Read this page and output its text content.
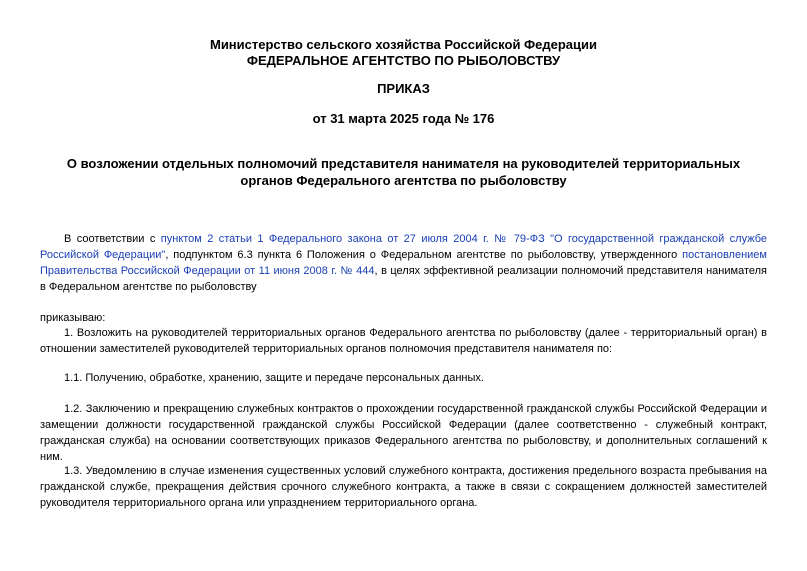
Министерство сельского хозяйства Российской Федерации
ФЕДЕРАЛЬНОЕ АГЕНТСТВО ПО РЫБОЛОВСТВУ
ПРИКАЗ
от 31 марта 2025 года № 176
О возложении отдельных полномочий представителя нанимателя на руководителей территориальных органов Федерального агентства по рыболовству
В соответствии с пунктом 2 статьи 1 Федерального закона от 27 июля 2004 г. № 79-ФЗ "О государственной гражданской службе Российской Федерации", подпунктом 6.3 пункта 6 Положения о Федеральном агентстве по рыболовству, утвержденного постановлением Правительства Российской Федерации от 11 июня 2008 г. № 444, в целях эффективной реализации полномочий представителя нанимателя в Федеральном агентстве по рыболовству
приказываю:
1. Возложить на руководителей территориальных органов Федерального агентства по рыболовству (далее - территориальный орган) в отношении заместителей руководителей территориальных органов полномочия представителя нанимателя по:
1.1. Получению, обработке, хранению, защите и передаче персональных данных.
1.2. Заключению и прекращению служебных контрактов о прохождении государственной гражданской службы Российской Федерации и замещении должности государственной гражданской службы Российской Федерации (далее соответственно - служебный контракт, гражданская служба) на основании соответствующих приказов Федерального агентства по рыболовству, и дополнительных соглашений к ним.
1.3. Уведомлению в случае изменения существенных условий служебного контракта, достижения предельного возраста пребывания на гражданской службе, прекращения действия срочного служебного контракта, а также в связи с сокращением должностей заместителей руководителя территориального органа или упразднением территориального органа.
